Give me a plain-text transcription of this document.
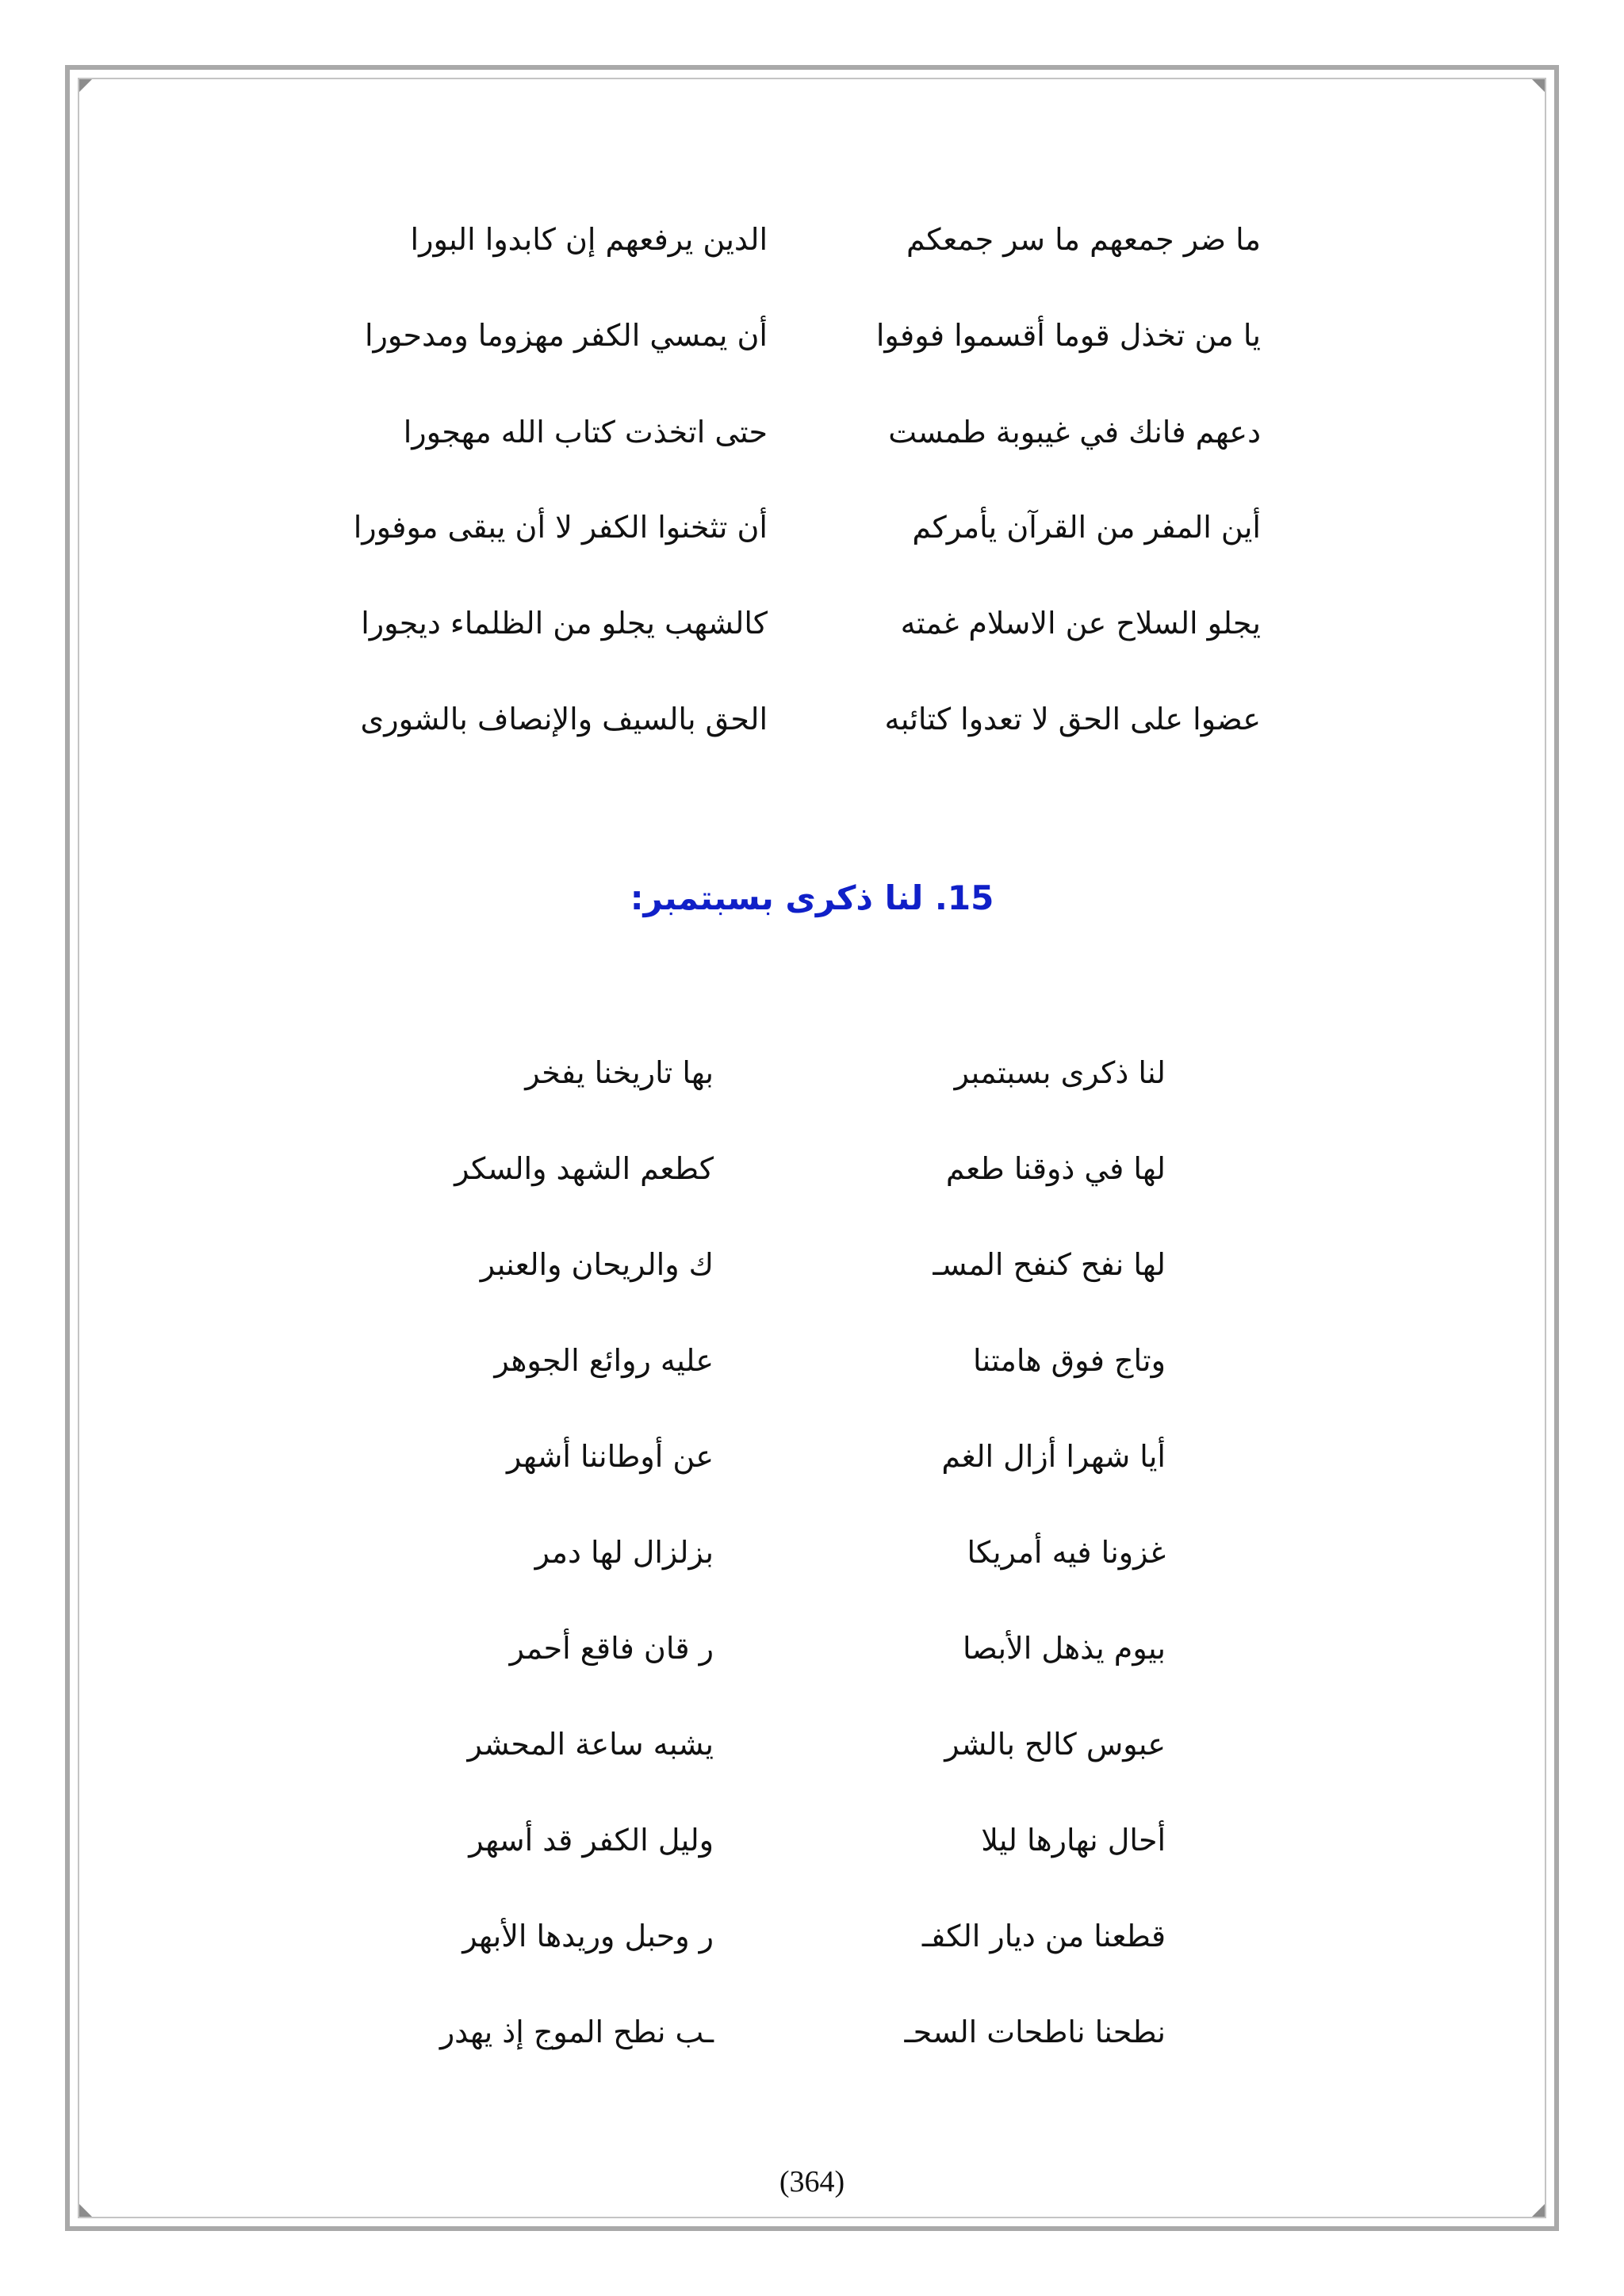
ما ضر جمعهم ما سر جمعكم
الدين يرفعهم إن كابدوا البورا
يا من تخذل قوما أقسموا فوفوا
أن يمسي الكفر مهزوما ومدحورا
دعهم فانك في غيبوبة طمست
حتى اتخذت كتاب الله مهجورا
أين المفر من القرآن يأمركم
أن تثخنوا الكفر لا أن يبقى موفورا
يجلو السلاح عن الاسلام غمته
كالشهب يجلو من الظلماء ديجورا
عضوا على الحق لا تعدوا كتائبه
الحق بالسيف والإنصاف بالشورى
15. لنا ذكرى بسبتمبر:
لنا ذكرى بسبتمبر
بها تاريخنا يفخر
لها في ذوقنا طعم
كطعم الشهد والسكر
لها نفح كنفح المسـ
ك والريحان والعنبر
وتاج فوق هامتنا
عليه روائع الجوهر
أيا شهرا أزال الغم
عن أوطاننا أشهر
غزونا فيه أمريكا
بزلزال لها دمر
بيوم يذهل الأبصا
ر قان فاقع أحمر
عبوس كالح بالشر
يشبه ساعة المحشر
أحال نهارها ليلا
وليل الكفر قد أسهر
قطعنا من ديار الكفـ
ر وحبل وريدها الأبهر
نطحنا ناطحات السحـ
ـب نطح الموج إذ يهدر
(364)
